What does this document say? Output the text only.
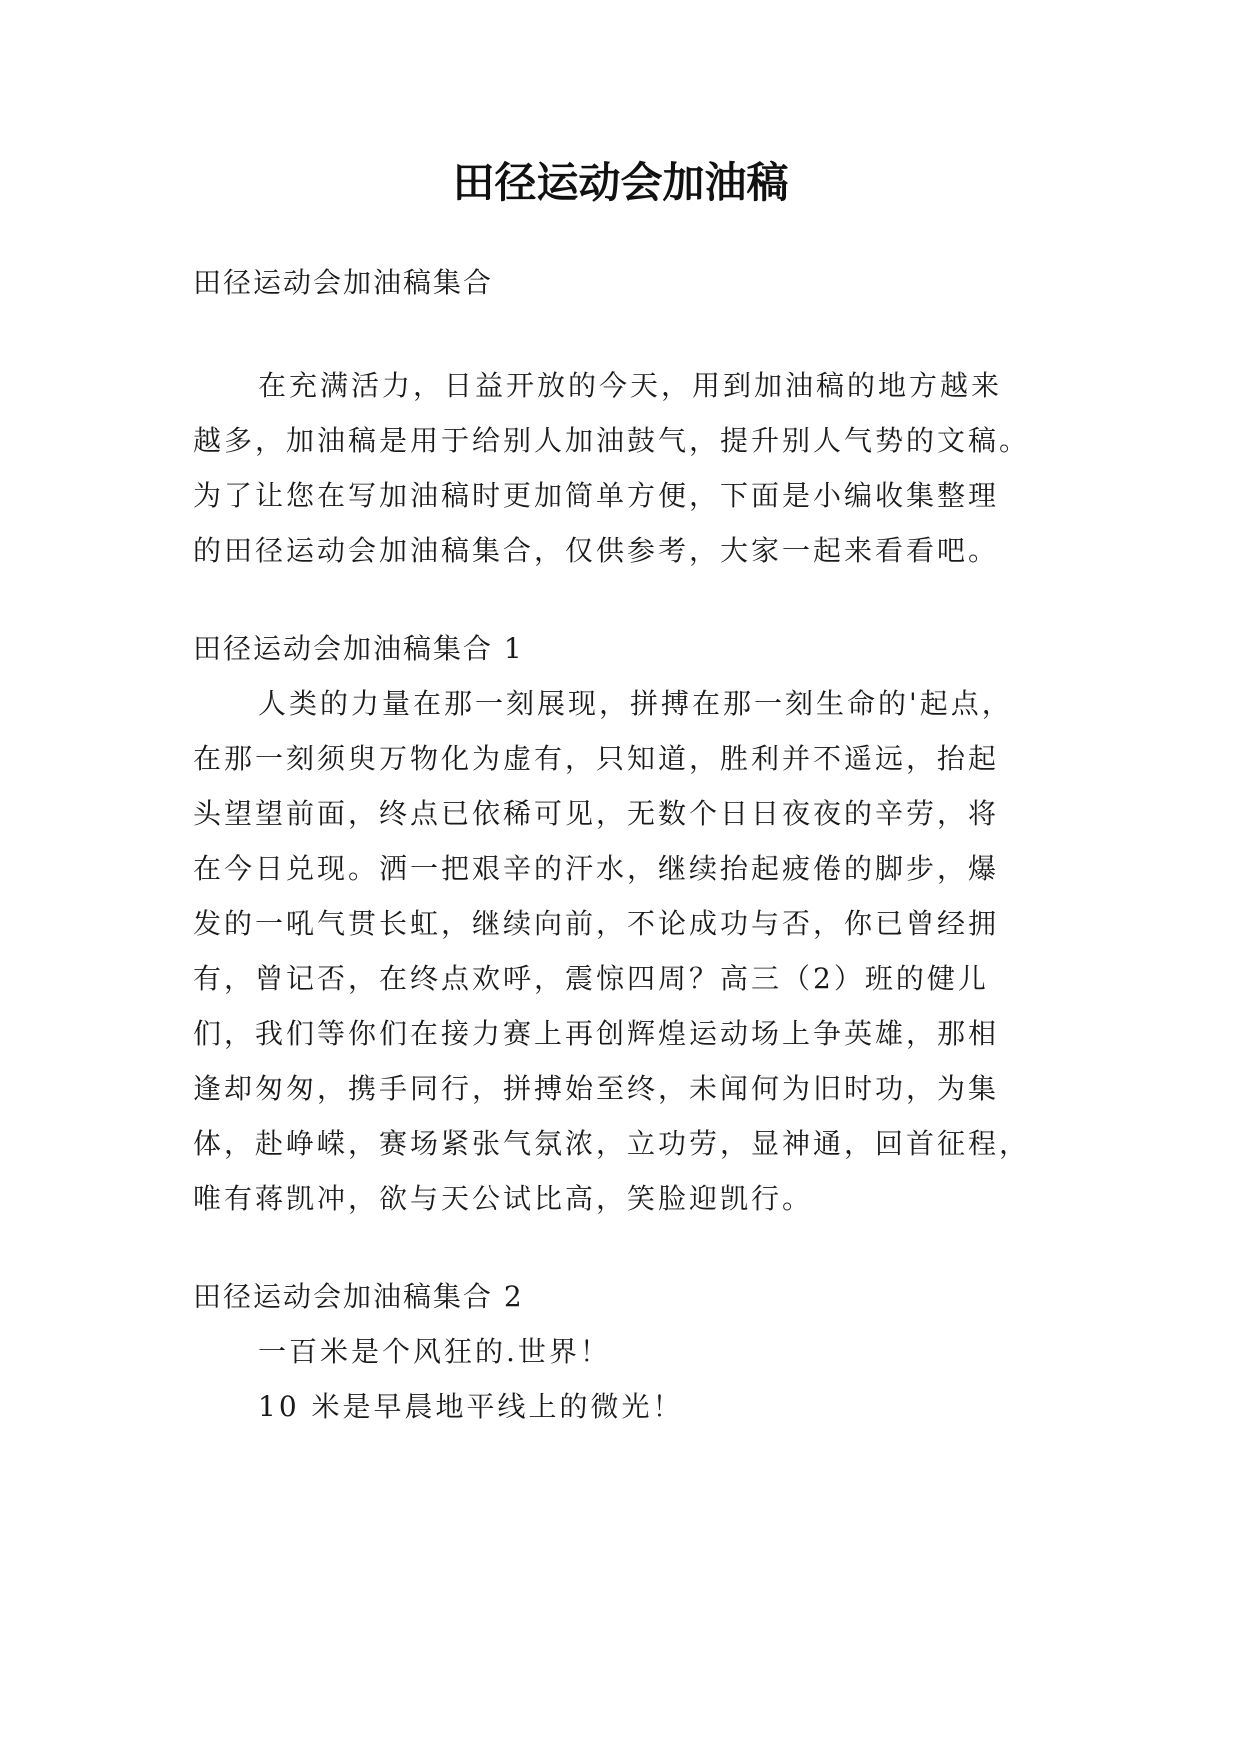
田径运动会加油稿
田径运动会加油稿集合
在充满活力，日益开放的今天，用到加油稿的地方越来
越多，加油稿是用于给别人加油鼓气，提升别人气势的文稿。
为了让您在写加油稿时更加简单方便，下面是小编收集整理
的田径运动会加油稿集合，仅供参考，大家一起来看看吧。
田径运动会加油稿集合 1
人类的力量在那一刻展现，拼搏在那一刻生命的'起点，
在那一刻须臾万物化为虚有，只知道，胜利并不遥远，抬起
头望望前面，终点已依稀可见，无数个日日夜夜的辛劳，将
在今日兑现。洒一把艰辛的汗水，继续抬起疲倦的脚步，爆
发的一吼气贯长虹，继续向前，不论成功与否，你已曾经拥
有，曾记否，在终点欢呼，震惊四周？高三（2）班的健儿
们，我们等你们在接力赛上再创辉煌运动场上争英雄，那相
逢却匆匆，携手同行，拼搏始至终，未闻何为旧时功，为集
体，赴峥嵘，赛场紧张气氛浓，立功劳，显神通，回首征程，
唯有蒋凯冲，欲与天公试比高，笑脸迎凯行。
田径运动会加油稿集合 2
一百米是个风狂的.世界！
10 米是早晨地平线上的微光！
